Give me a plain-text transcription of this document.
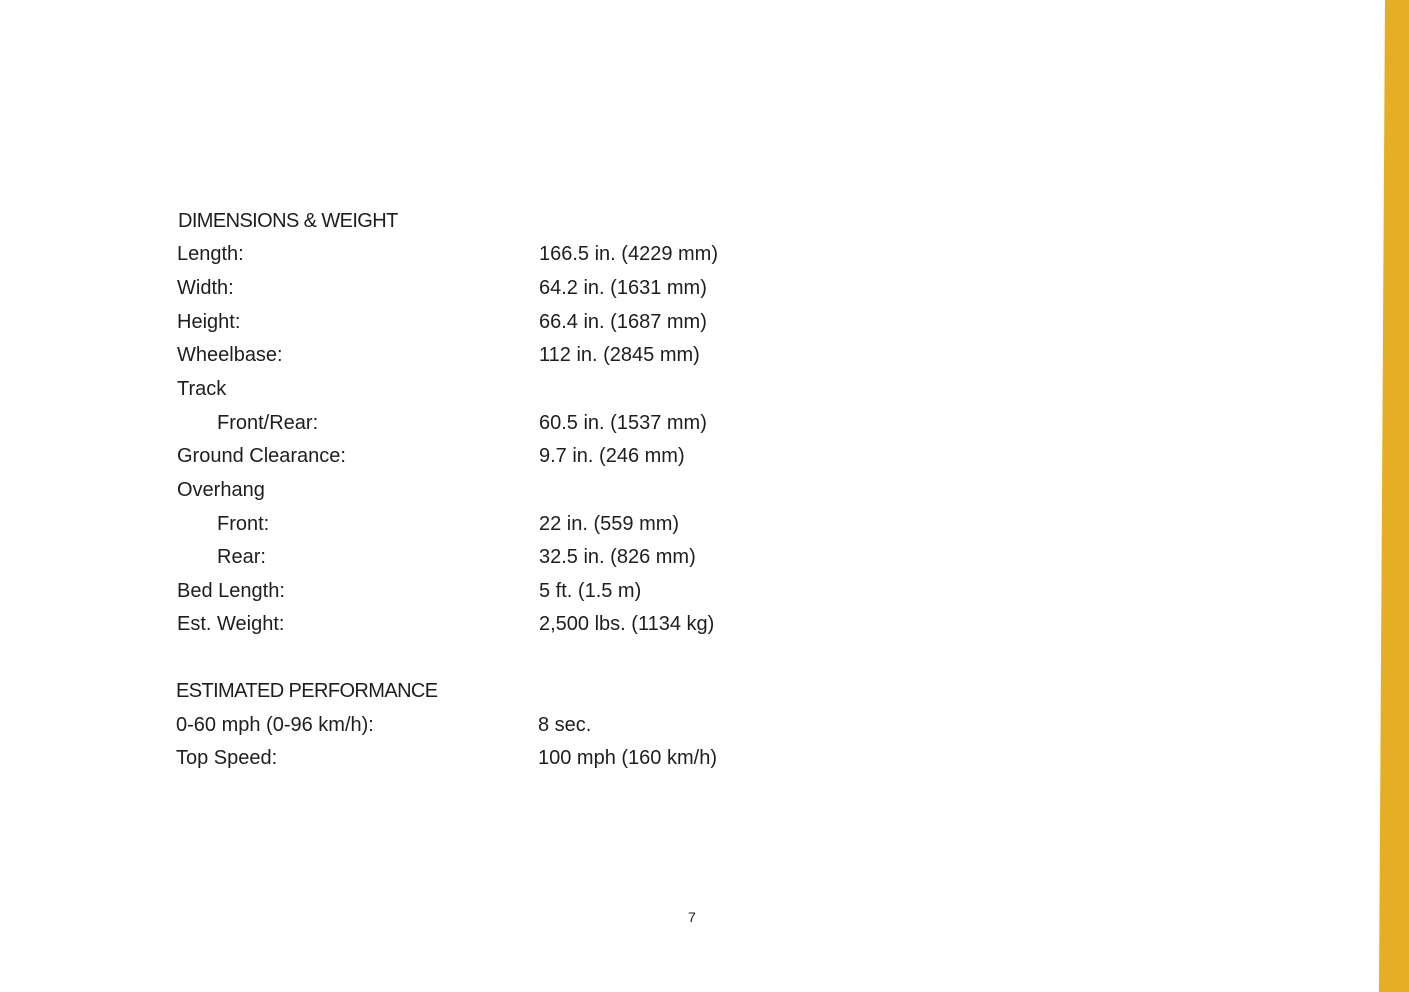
DIMENSIONS & WEIGHT
Length:	166.5 in. (4229 mm)
Width:	64.2 in. (1631 mm)
Height:	66.4 in. (1687 mm)
Wheelbase:	112 in. (2845 mm)
Track
Front/Rear:	60.5 in. (1537 mm)
Ground Clearance:	9.7 in. (246 mm)
Overhang
Front:	22 in. (559 mm)
Rear:	32.5 in. (826 mm)
Bed Length:	5 ft. (1.5 m)
Est. Weight:	2,500 lbs. (1134 kg)
ESTIMATED PERFORMANCE
0-60 mph (0-96 km/h):	8 sec.
Top Speed:	100 mph (160 km/h)
7
